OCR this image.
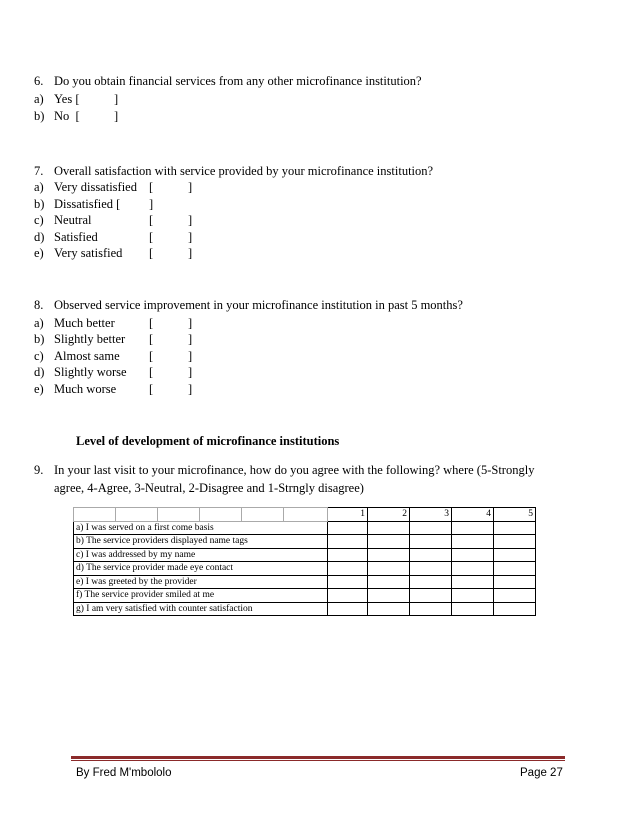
6. Do you obtain financial services from any other microfinance institution?
a) Yes [	]
b) No  [	]
7. Overall satisfaction with service provided by your microfinance institution?
a) Very dissatisfied [	]
b) Dissatisfied [ ]
c) Neutral	[	]
d) Satisfied	[	]
e) Very satisfied [	]
8. Observed service improvement in your microfinance institution in past 5 months?
a) Much better	[	]
b) Slightly better [	]
c) Almost same [	]
d) Slightly worse [	]
e) Much worse	[	]
Level of development of microfinance institutions
9. In your last visit to your microfinance, how do you agree with the following? where (5-Strongly
agree, 4-Agree, 3-Neutral, 2-Disagree and 1-Strngly disagree)
						1	2	3	4	5
a) I was served on a first come basis										
b) The service providers displayed name tags										
c) I was addressed by my name										
d) The service provider made eye contact										
e) I was greeted by the provider										
f) The service provider smiled at me										
g) I am very satisfied with counter satisfaction										
By Fred M'mbololo	Page 27
